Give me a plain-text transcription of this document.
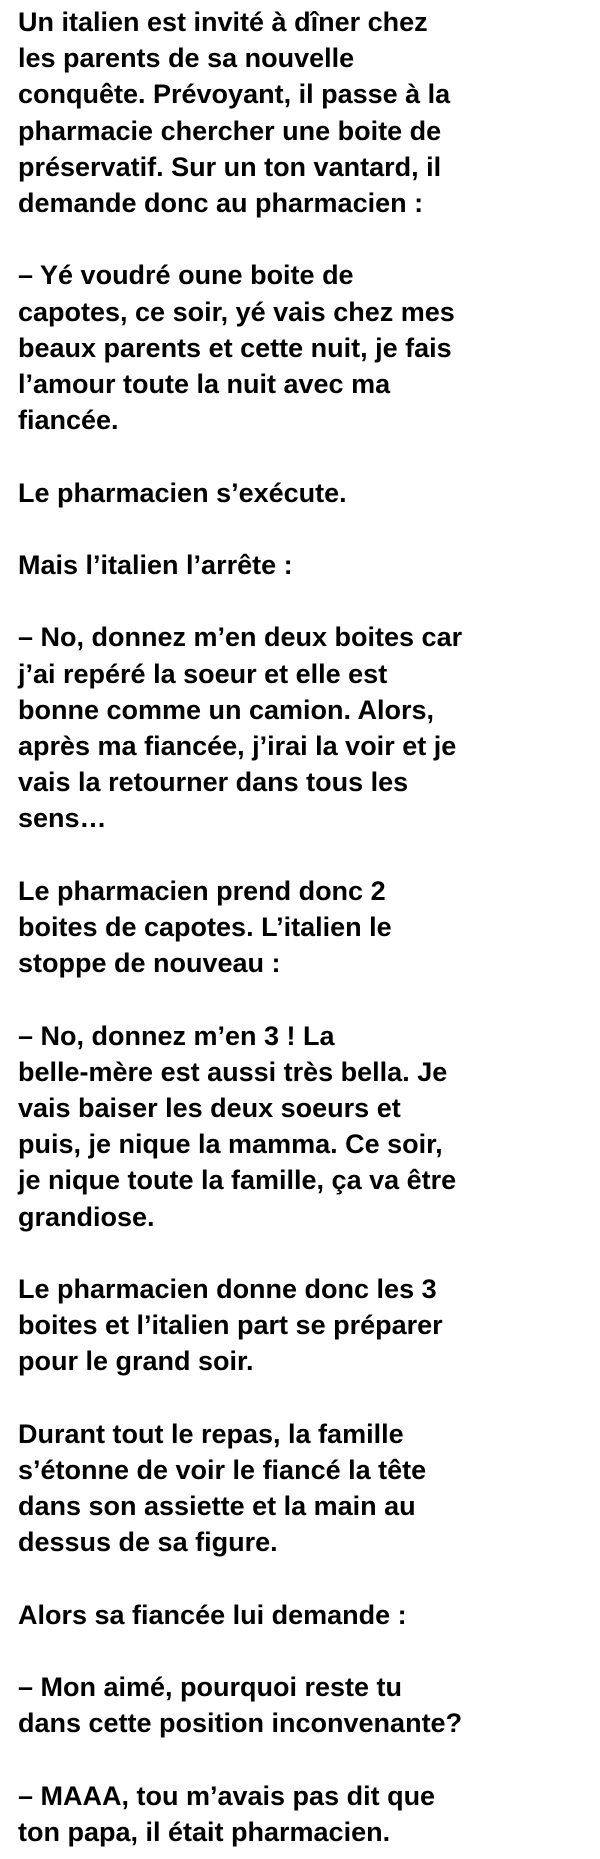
Un italien est invité à dîner chez
les parents de sa nouvelle
conquête. Prévoyant, il passe à la
pharmacie chercher une boite de
préservatif. Sur un ton vantard, il
demande donc au pharmacien :

– Yé voudré oune boite de
capotes, ce soir, yé vais chez mes
beaux parents et cette nuit, je fais
l’amour toute la nuit avec ma
fiancée.

Le pharmacien s’exécute.

Mais l’italien l’arrête :

– No, donnez m’en deux boites car
j’ai repéré la soeur et elle est
bonne comme un camion. Alors,
après ma fiancée, j’irai la voir et je
vais la retourner dans tous les
sens…

Le pharmacien prend donc 2
boites de capotes. L’italien le
stoppe de nouveau :

– No, donnez m’en 3 ! La
belle-mère est aussi très bella. Je
vais baiser les deux soeurs et
puis, je nique la mamma. Ce soir,
je nique toute la famille, ça va être
grandiose.

Le pharmacien donne donc les 3
boites et l’italien part se préparer
pour le grand soir.

Durant tout le repas, la famille
s’étonne de voir le fiancé la tête
dans son assiette et la main au
dessus de sa figure.

Alors sa fiancée lui demande :

– Mon aimé, pourquoi reste tu
dans cette position inconvenante?

– MAAA, tou m’avais pas dit que
ton papa, il était pharmacien.
